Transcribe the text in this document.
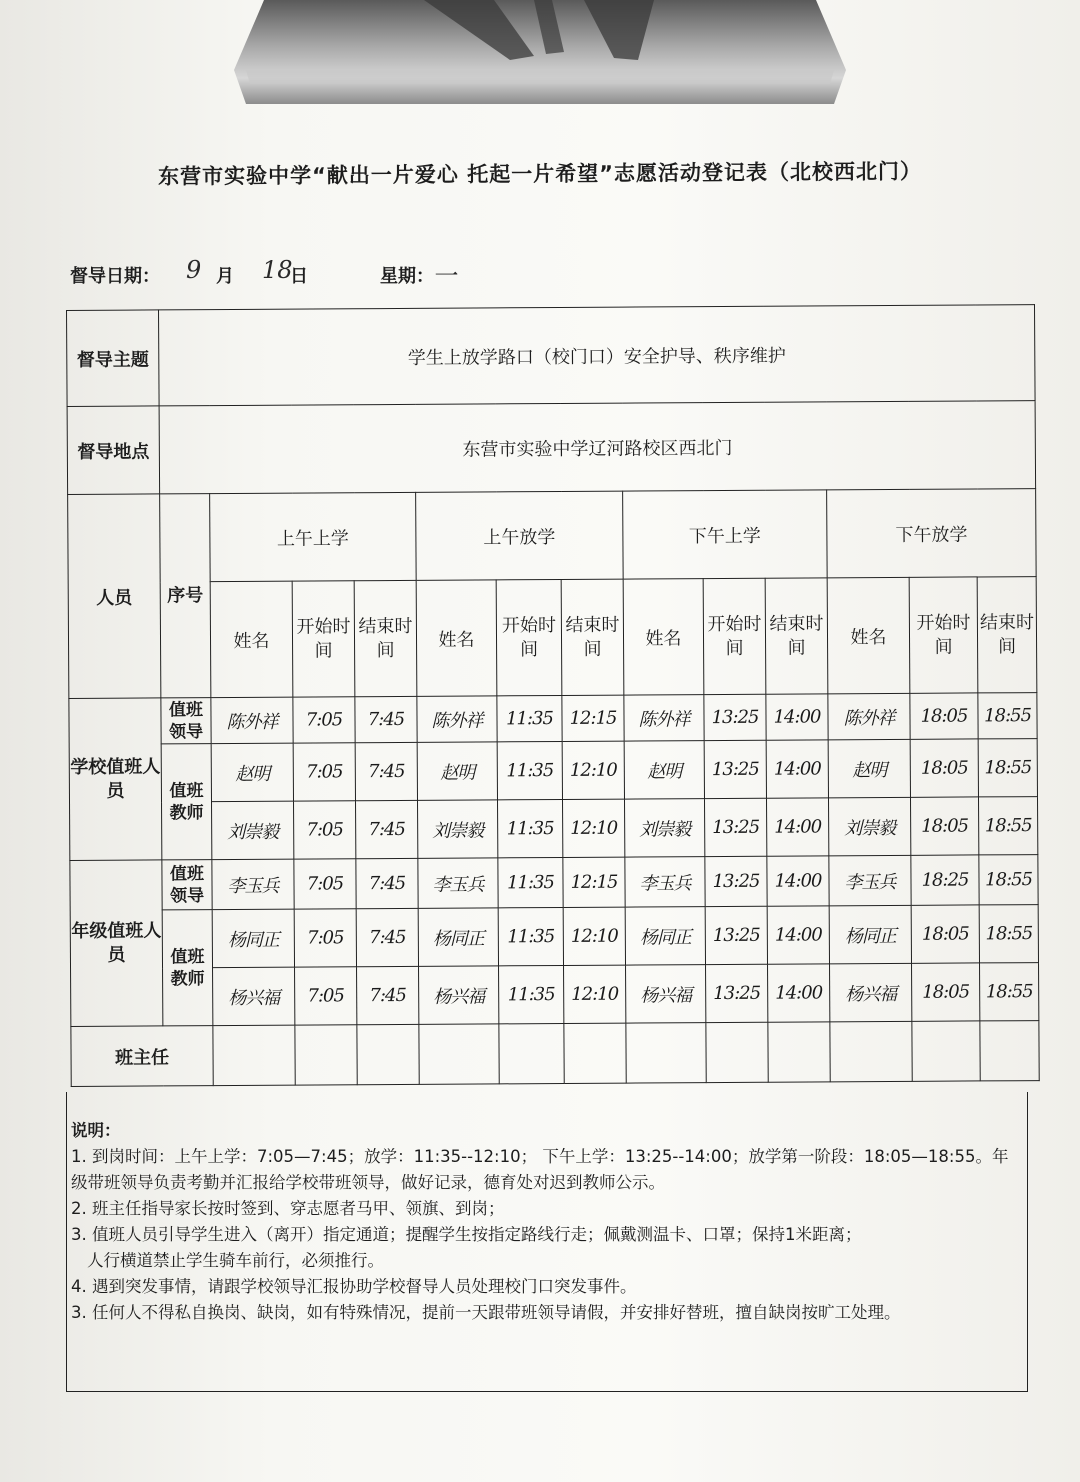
东营市实验中学“献出一片爱心 托起一片希望”志愿活动登记表（北校西北门）
督导日期： 9 月 18
日	星期：
一
督导主题	学生上放学路口（校门口）安全护导、秩序维护												
督导地点	东营市实验中学辽河路校区西北门												
人员	序号	上午上学			上午放学			下午上学			下午放学		
		姓名	开始时间	结束时间	姓名	开始时间	结束时间	姓名	开始时间	结束时间	姓名	开始时间	结束时间
学校值班人员	值班领导	陈外祥	7:05	7:45	陈外祥	11:35	12:15	陈外祥	13:25	14:00	陈外祥	18:05	18:55
	值班教师	赵明	7:05	7:45	赵明	11:35	12:10	赵明	13:25	14:00	赵明	18:05	18:55
		刘崇毅	7:05	7:45	刘崇毅	11:35	12:10	刘崇毅	13:25	14:00	刘崇毅	18:05	18:55
年级值班人员	值班领导	李玉兵	7:05	7:45	李玉兵	11:35	12:15	李玉兵	13:25	14:00	李玉兵	18:25	18:55
	值班教师	杨同正	7:05	7:45	杨同正	11:35	12:10	杨同正	13:25	14:00	杨同正	18:05	18:55
		杨兴福	7:05	7:45	杨兴福	11:35	12:10	杨兴福	13:25	14:00	杨兴福	18:05	18:55
班主任													
说明：
1. 到岗时间：上午上学：7:05—7:45；放学：11:35--12:10； 下午上学：13:25--14:00；放学第一阶段：18:05—18:55。年级带班领导负责考勤并汇报给学校带班领导，做好记录，德育处对迟到教师公示。
2. 班主任指导家长按时签到、穿志愿者马甲、领旗、到岗；
3. 值班人员引导学生进入（离开）指定通道；提醒学生按指定路线行走；佩戴测温卡、口罩；保持1米距离；
人行横道禁止学生骑车前行，必须推行。
4. 遇到突发事情，请跟学校领导汇报协助学校督导人员处理校门口突发事件。
3. 任何人不得私自换岗、缺岗，如有特殊情况，提前一天跟带班领导请假，并安排好替班，擅自缺岗按旷工处理。
